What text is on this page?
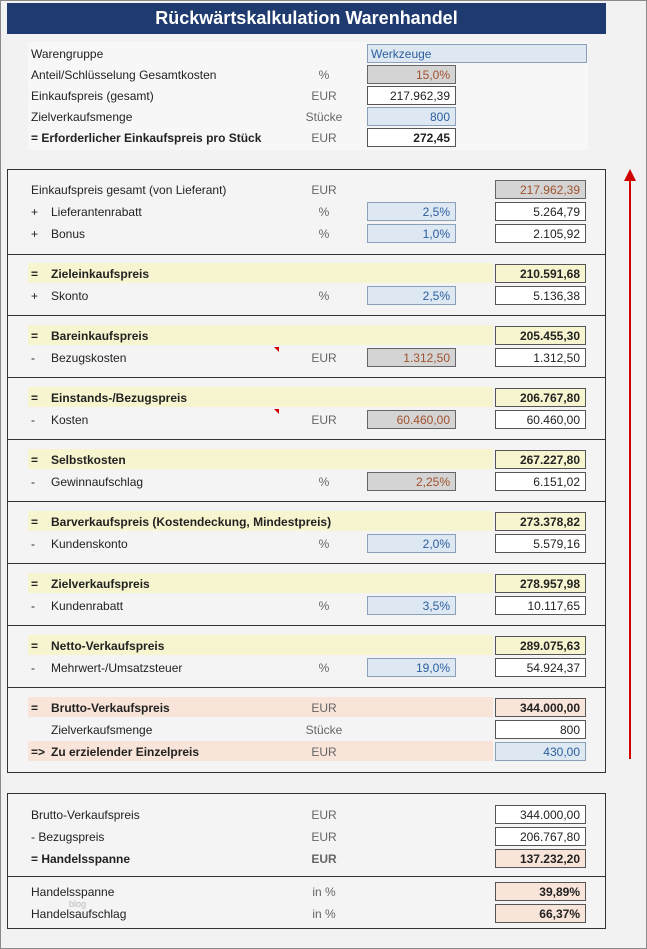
Rückwärtskalkulation Warenhandel
Warengruppe	Werkzeuge
Anteil/Schlüsselung Gesamtkosten	%	15,0%
Einkaufspreis (gesamt)	EUR	217.962,39
Zielverkaufsmenge	Stücke	800
= Erforderlicher Einkaufspreis pro Stück	EUR	272,45
Einkaufspreis gesamt (von Lieferant)	EUR	217.962,39
+ Lieferantenrabatt	%	2,5%	5.264,79
+ Bonus	%	1,0%	2.105,92
= Zieleinkaufspreis	210.591,68
+ Skonto	%	2,5%	5.136,38
= Bareinkaufspreis	205.455,30
- Bezugskosten	EUR	1.312,50	1.312,50
= Einstands-/Bezugspreis	206.767,80
- Kosten	EUR	60.460,00	60.460,00
= Selbstkosten	267.227,80
- Gewinnaufschlag	%	2,25%	6.151,02
= Barverkaufspreis (Kostendeckung, Mindestpreis)	273.378,82
- Kundenskonto	%	2,0%	5.579,16
= Zielverkaufspreis	278.957,98
- Kundenrabatt	%	3,5%	10.117,65
= Netto-Verkaufspreis	289.075,63
- Mehrwert-/Umsatzsteuer	%	19,0%	54.924,37
= Brutto-Verkaufspreis	EUR	344.000,00
Zielverkaufsmenge	Stücke	800
=> Zu erzielender Einzelpreis	EUR	430,00
Brutto-Verkaufspreis	EUR	344.000,00
- Bezugspreis	EUR	206.767,80
= Handelsspanne	EUR	137.232,20
Handelsspanne	in %	39,89%
Handelsaufschlag	in %	66,37%
blog
